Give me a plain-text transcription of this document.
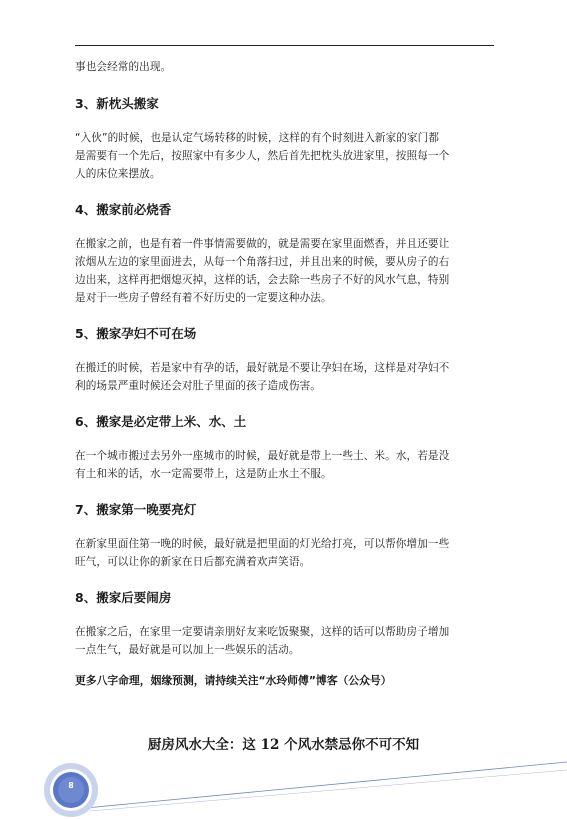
事也会经常的出现。

3、新枕头搬家

“入伙”的时候，也是认定气场转移的时候，这样的有个时刻进入新家的家门都

是需要有一个先后，按照家中有多少人，然后首先把枕头放进家里，按照每一个

人的床位来摆放。

4、搬家前必烧香

在搬家之前，也是有着一件事情需要做的，就是需要在家里面燃香，并且还要让

浓烟从左边的家里面进去，从每一个角落扫过，并且出来的时候，要从房子的右

边出来，这样再把烟熄灭掉，这样的话，会去除一些房子不好的风水气息，特别

是对于一些房子曾经有着不好历史的一定要这种办法。

5、搬家孕妇不可在场

在搬迁的时候，若是家中有孕的话，最好就是不要让孕妇在场，这样是对孕妇不

利的场景严重时候还会对肚子里面的孩子造成伤害。

6、搬家是必定带上米、水、土

在一个城市搬过去另外一座城市的时候，最好就是带上一些土、米。水，若是没

有土和米的话，水一定需要带上，这是防止水土不服。

7、搬家第一晚要亮灯

在新家里面住第一晚的时候，最好就是把里面的灯光给打亮，可以帮你增加一些

旺气，可以让你的新家在日后都充满着欢声笑语。

8、搬家后要闹房

在搬家之后，在家里一定要请亲朋好友来吃饭聚聚，这样的话可以帮助房子增加

一点生气，最好就是可以加上一些娱乐的活动。

更多八字命理，姻缘预测，请持续关注“水玲师傅”博客（公众号）

厨房风水大全：这 12 个风水禁忌你不可不知
8
